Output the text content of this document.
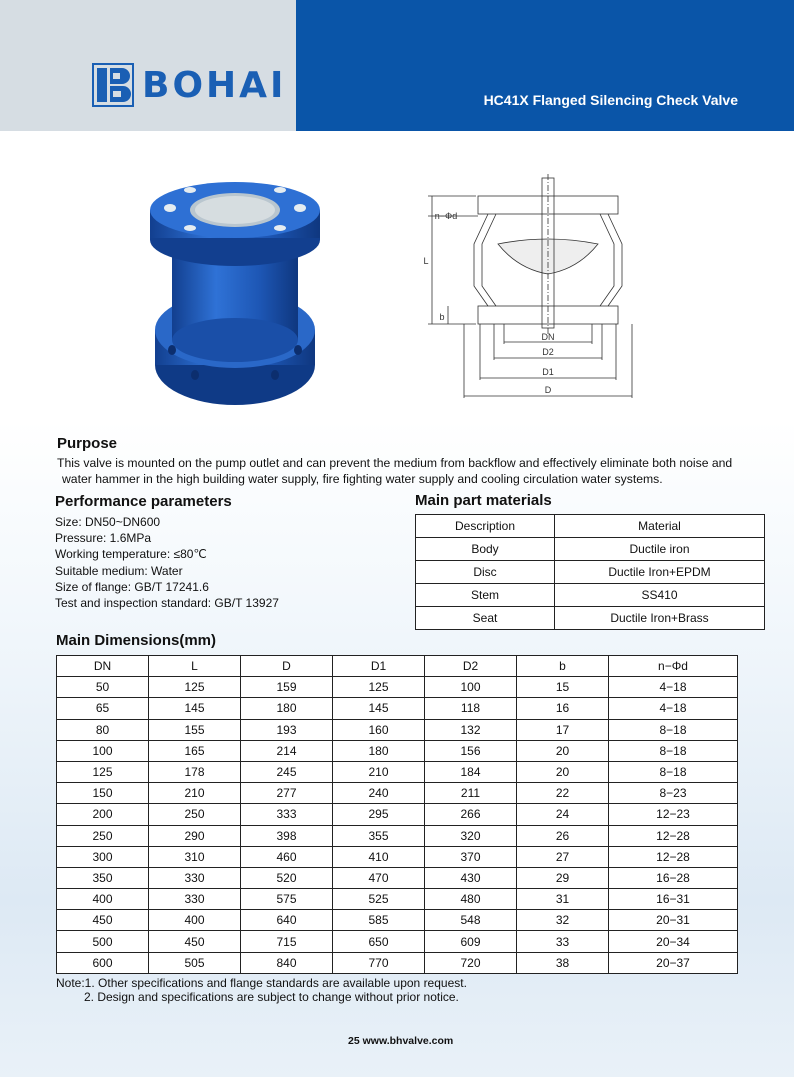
BOHAI	HC41X Flanged Silencing Check Valve
n−Φd
L
b
DN
D2
D1
D
Purpose
This valve is mounted on the pump outlet and can prevent the medium from backflow and effectively eliminate both noise and
water hammer in the high building water supply, fire fighting water supply and cooling circulation water systems.
Performance parameters
Size: DN50~DN600
Pressure: 1.6MPa
Working temperature: ≤80℃
Suitable medium: Water
Size of flange: GB/T 17241.6
Test and inspection standard: GB/T 13927
Main part materials
Description	Material
Body	Ductile iron
Disc	Ductile Iron+EPDM
Stem	SS410
Seat	Ductile Iron+Brass
Main Dimensions(mm)
DN	L	D	D1	D2	b	n−Φd
50	125	159	125	100	15	4−18
65	145	180	145	118	16	4−18
80	155	193	160	132	17	8−18
100	165	214	180	156	20	8−18
125	178	245	210	184	20	8−18
150	210	277	240	211	22	8−23
200	250	333	295	266	24	12−23
250	290	398	355	320	26	12−28
300	310	460	410	370	27	12−28
350	330	520	470	430	29	16−28
400	330	575	525	480	31	16−31
450	400	640	585	548	32	20−31
500	450	715	650	609	33	20−34
600	505	840	770	720	38	20−37
Note:1. Other specifications and flange standards are available upon request.
2. Design and specifications are subject to change without prior notice.
25 www.bhvalve.com
